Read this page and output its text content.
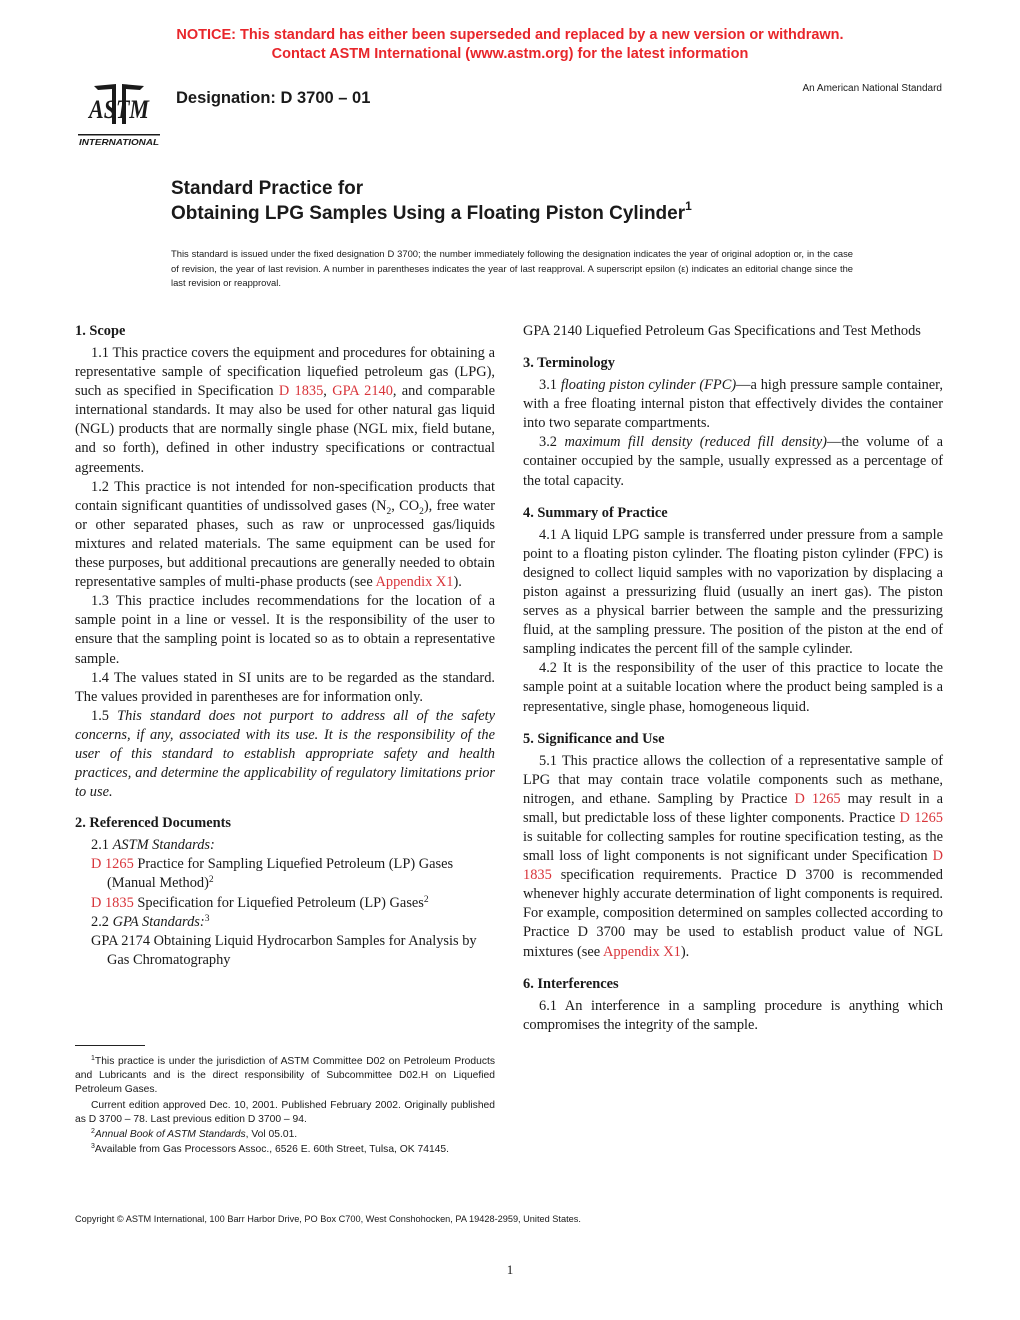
NOTICE: This standard has either been superseded and replaced by a new version or withdrawn.
Contact ASTM International (www.astm.org) for the latest information
ASTM
INTERNATIONAL
Designation: D 3700 – 01
An American National Standard
Standard Practice for
Obtaining LPG Samples Using a Floating Piston Cylinder$^1$
This standard is issued under the fixed designation D 3700; the number immediately following the designation indicates the year of original adoption or, in the case of revision, the year of last revision. A number in parentheses indicates the year of last reapproval. A superscript epsilon (ε) indicates an editorial change since the last revision or reapproval.
1. Scope

1.1 This practice covers the equipment and procedures for obtaining a representative sample of specification liquefied petroleum gas (LPG), such as specified in Specification D 1835, GPA 2140, and comparable international standards. It may also be used for other natural gas liquid (NGL) products that are normally single phase (NGL mix, field butane, and so forth), defined in other industry specifications or contractual agreements.

1.2 This practice is not intended for non-specification products that contain significant quantities of undissolved gases ($N_2$, $CO_2$), free water or other separated phases, such as raw or unprocessed gas/liquids mixtures and related materials. The same equipment can be used for these purposes, but additional precautions are generally needed to obtain representative samples of multi-phase products (see Appendix X1).

1.3 This practice includes recommendations for the location of a sample point in a line or vessel. It is the responsibility of the user to ensure that the sampling point is located so as to obtain a representative sample.

1.4 The values stated in SI units are to be regarded as the standard. The values provided in parentheses are for information only.

1.5 This standard does not purport to address all of the safety concerns, if any, associated with its use. It is the responsibility of the user of this standard to establish appropriate safety and health practices, and determine the applicability of regulatory limitations prior to use.

2. Referenced Documents

2.1 ASTM Standards:

D 1265 Practice for Sampling Liquefied Petroleum (LP) Gases (Manual Method)$^2$

D 1835 Specification for Liquefied Petroleum (LP) Gases$^2$

2.2 GPA Standards:$^3$

GPA 2174 Obtaining Liquid Hydrocarbon Samples for Analysis by Gas Chromatography

GPA 2140 Liquefied Petroleum Gas Specifications and Test Methods

3. Terminology

3.1 floating piston cylinder (FPC)—a high pressure sample container, with a free floating internal piston that effectively divides the container into two separate compartments.

3.2 maximum fill density (reduced fill density)—the volume of a container occupied by the sample, usually expressed as a percentage of the total capacity.

4. Summary of Practice

4.1 A liquid LPG sample is transferred under pressure from a sample point to a floating piston cylinder. The floating piston cylinder (FPC) is designed to collect liquid samples with no vaporization by displacing a piston against a pressurizing fluid (usually an inert gas). The piston serves as a physical barrier between the sample and the pressurizing fluid, at the sampling pressure. The position of the piston at the end of sampling indicates the percent fill of the sample cylinder.

4.2 It is the responsibility of the user of this practice to locate the sample point at a suitable location where the product being sampled is a representative, single phase, homogeneous liquid.

5. Significance and Use

5.1 This practice allows the collection of a representative sample of LPG that may contain trace volatile components such as methane, nitrogen, and ethane. Sampling by Practice D 1265 may result in a small, but predictable loss of these lighter components. Practice D 1265 is suitable for collecting samples for routine specification testing, as the small loss of light components is not significant under Specification D 1835 specification requirements. Practice D 3700 is recommended whenever highly accurate determination of light components is required. For example, composition determined on samples collected according to Practice D 3700 may be used to establish product value of NGL mixtures (see Appendix X1).

6. Interferences

6.1 An interference in a sampling procedure is anything which compromises the integrity of the sample.

$^1$This practice is under the jurisdiction of ASTM Committee D02 on Petroleum Products and Lubricants and is the direct responsibility of Subcommittee D02.H on Liquefied Petroleum Gases.

Current edition approved Dec. 10, 2001. Published February 2002. Originally published as D 3700 – 78. Last previous edition D 3700 – 94.

$^2$Annual Book of ASTM Standards, Vol 05.01.

$^3$Available from Gas Processors Assoc., 6526 E. 60th Street, Tulsa, OK 74145.

Copyright © ASTM International, 100 Barr Harbor Drive, PO Box C700, West Conshohocken, PA 19428-2959, United States.
1
